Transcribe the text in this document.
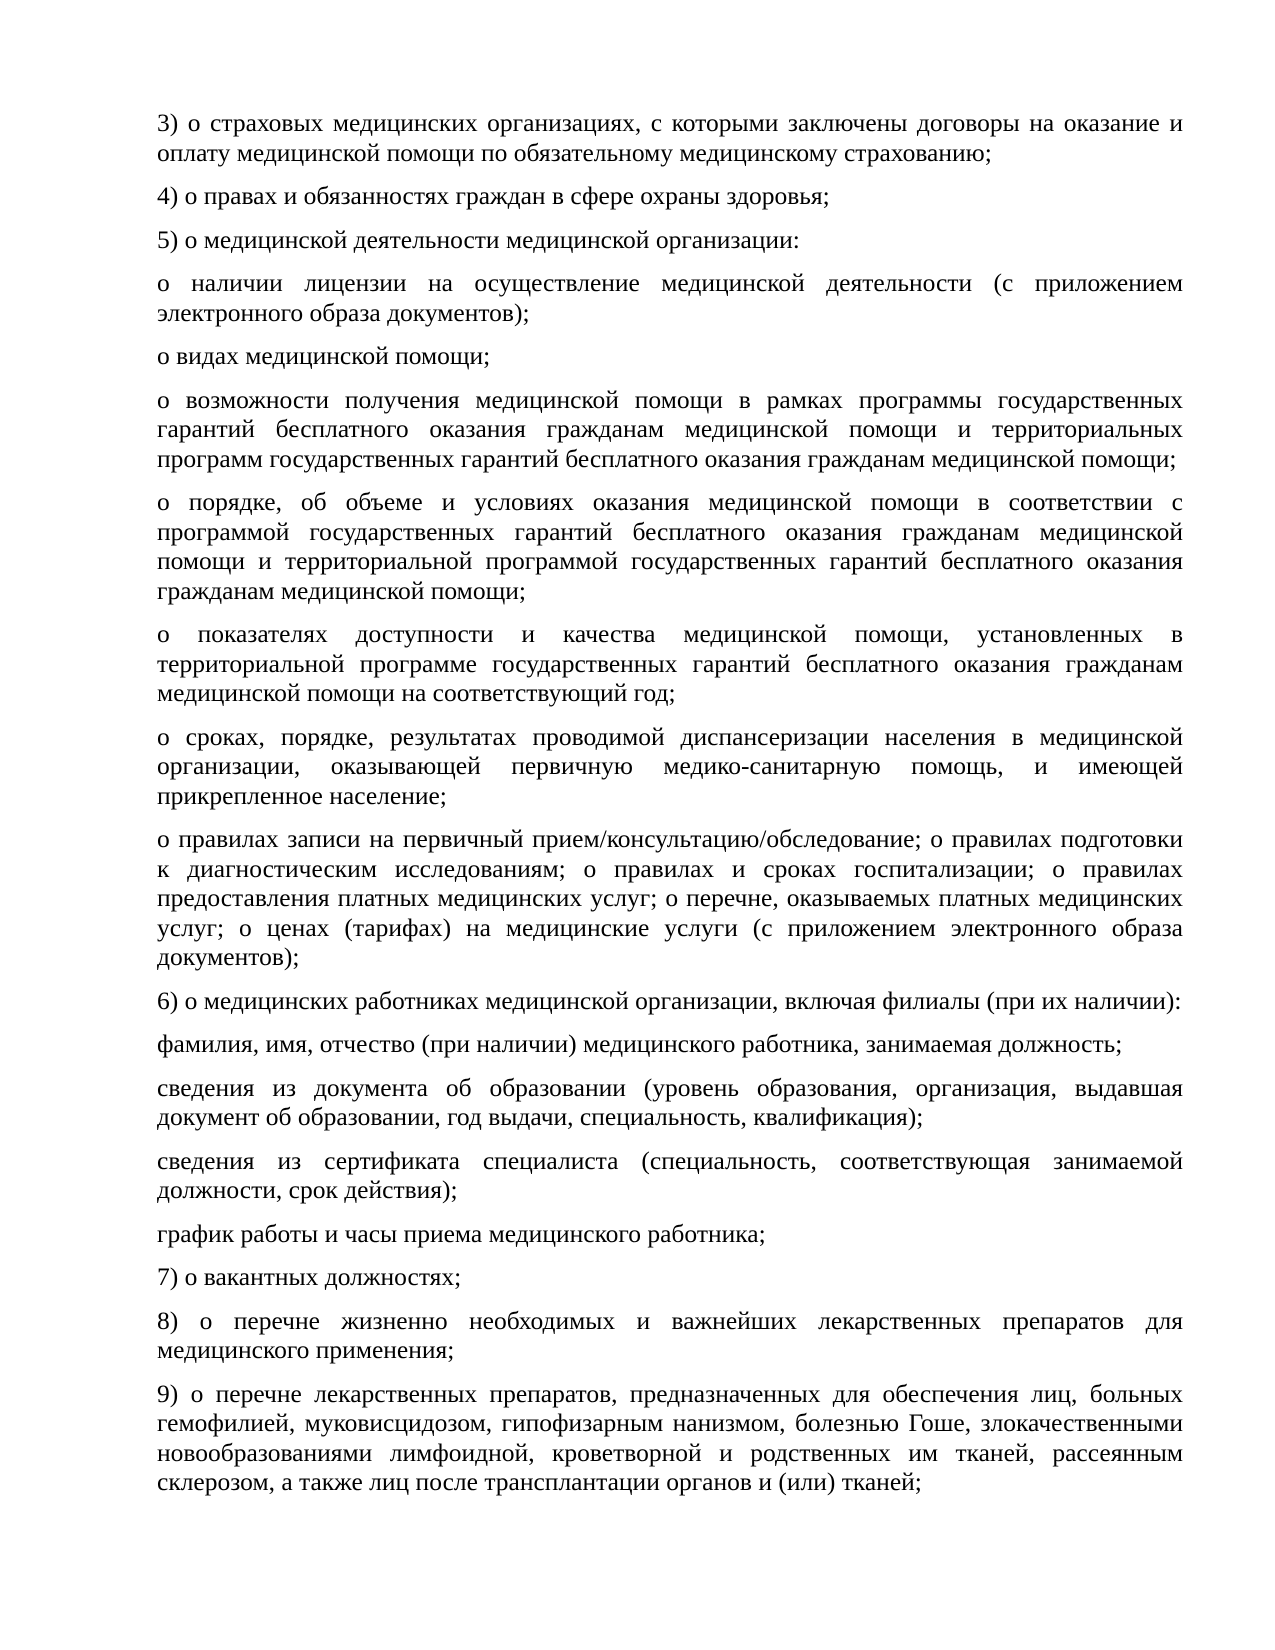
3) о страховых медицинских организациях, с которыми заключены договоры на оказание и оплату медицинской помощи по обязательному медицинскому страхованию;

4) о правах и обязанностях граждан в сфере охраны здоровья;

5) о медицинской деятельности медицинской организации:

о наличии лицензии на осуществление медицинской деятельности (с приложением электронного образа документов);

о видах медицинской помощи;

о возможности получения медицинской помощи в рамках программы государственных гарантий бесплатного оказания гражданам медицинской помощи и территориальных программ государственных гарантий бесплатного оказания гражданам медицинской помощи;

о порядке, об объеме и условиях оказания медицинской помощи в соответствии с программой государственных гарантий бесплатного оказания гражданам медицинской помощи и территориальной программой государственных гарантий бесплатного оказания гражданам медицинской помощи;

о показателях доступности и качества медицинской помощи, установленных в территориальной программе государственных гарантий бесплатного оказания гражданам медицинской помощи на соответствующий год;

о сроках, порядке, результатах проводимой диспансеризации населения в медицинской организации, оказывающей первичную медико-санитарную помощь, и имеющей прикрепленное население;

о правилах записи на первичный прием/консультацию/обследование; о правилах подготовки к диагностическим исследованиям; о правилах и сроках госпитализации; о правилах предоставления платных медицинских услуг; о перечне, оказываемых платных медицинских услуг; о ценах (тарифах) на медицинские услуги (с приложением электронного образа документов);

6) о медицинских работниках медицинской организации, включая филиалы (при их наличии):

фамилия, имя, отчество (при наличии) медицинского работника, занимаемая должность;

сведения из документа об образовании (уровень образования, организация, выдавшая документ об образовании, год выдачи, специальность, квалификация);

сведения из сертификата специалиста (специальность, соответствующая занимаемой должности, срок действия);

график работы и часы приема медицинского работника;

7) о вакантных должностях;

8) о перечне жизненно необходимых и важнейших лекарственных препаратов для медицинского применения;

9) о перечне лекарственных препаратов, предназначенных для обеспечения лиц, больных гемофилией, муковисцидозом, гипофизарным нанизмом, болезнью Гоше, злокачественными новообразованиями лимфоидной, кроветворной и родственных им тканей, рассеянным склерозом, а также лиц после трансплантации органов и (или) тканей;
